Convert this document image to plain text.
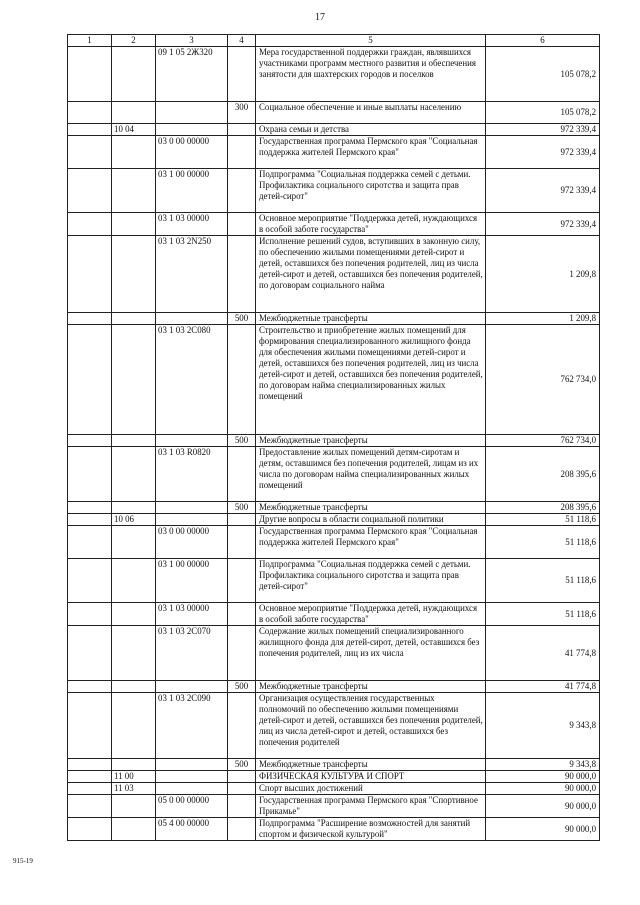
17
1	2	3	4	5	6
		09 1 05 2Ж320		Мера государственной поддержки граждан, являвшихся участниками программ местного развития и обеспечения занятости для шахтерских городов и поселков	105 078,2
			300	Социальное обеспечение и иные выплаты населению	105 078,2
	10 04			Охрана семьи и детства	972 339,4
		03 0 00 00000		Государственная программа Пермского края "Социальная поддержка жителей Пермского края"	972 339,4
		03 1 00 00000		Подпрограмма "Социальная поддержка семей с детьми. Профилактика социального сиротства и защита прав детей-сирот"	972 339,4
		03 1 03 00000		Основное мероприятие "Поддержка детей, нуждающихся в особой заботе государства"	972 339,4
		03 1 03 2N250		Исполнение решений судов, вступивших в законную силу, по обеспечению жилыми помещениями детей-сирот и детей, оставшихся без попечения родителей, лиц из числа детей-сирот и детей, оставшихся без попечения родителей, по договорам социального найма	1 209,8
			500	Межбюджетные трансферты	1 209,8
		03 1 03 2С080		Строительство и приобретение жилых помещений для формирования специализированного жилищного фонда для обеспечения жилыми помещениями детей-сирот и детей, оставшихся без попечения родителей, лиц из числа детей-сирот и детей, оставшихся без попечения родителей, по договорам найма специализированных жилых помещений	762 734,0
			500	Межбюджетные трансферты	762 734,0
		03 1 03 R0820		Предоставление жилых помещений детям-сиротам и детям, оставшимся без попечения родителей, лицам из их числа по договорам найма специализированных жилых помещений	208 395,6
			500	Межбюджетные трансферты	208 395,6
	10 06			Другие вопросы в области социальной политики	51 118,6
		03 0 00 00000		Государственная программа Пермского края "Социальная поддержка жителей Пермского края"	51 118,6
		03 1 00 00000		Подпрограмма "Социальная поддержка семей с детьми. Профилактика социального сиротства и защита прав детей-сирот"	51 118,6
		03 1 03 00000		Основное мероприятие "Поддержка детей, нуждающихся в особой заботе государства"	51 118,6
		03 1 03 2С070		Содержание жилых помещений специализированного жилищного фонда для детей-сирот, детей, оставшихся без попечения родителей, лиц из их числа	41 774,8
			500	Межбюджетные трансферты	41 774,8
		03 1 03 2С090		Организация осуществления государственных полномочий по обеспечению жилыми помещениями детей-сирот и детей, оставшихся без попечения родителей, лиц из числа детей-сирот и детей, оставшихся без попечения родителей	9 343,8
			500	Межбюджетные трансферты	9 343,8
	11 00			ФИЗИЧЕСКАЯ КУЛЬТУРА И СПОРТ	90 000,0
	11 03			Спорт высших достижений	90 000,0
		05 0 00 00000		Государственная программа Пермского края "Спортивное Прикамье"	90 000,0
		05 4 00 00000		Подпрограмма "Расширение возможностей для занятий спортом и физической культурой"	90 000,0
915-19
